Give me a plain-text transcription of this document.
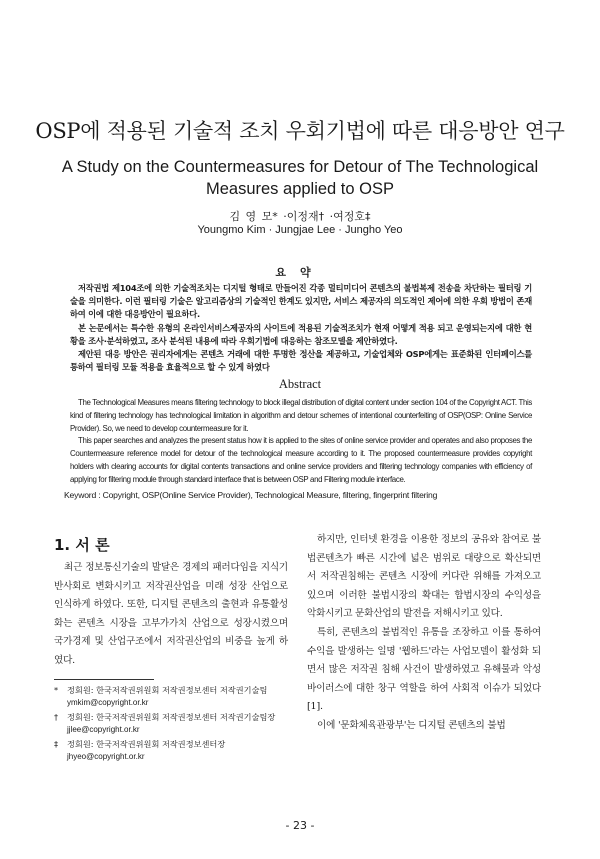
OSP에 적용된 기술적 조치 우회기법에 따른 대응방안 연구
A Study on the Countermeasures for Detour of The Technological
Measures applied to OSP
김 영 모* ·이정재† ·여정호‡
Youngmo Kim · Jungjae Lee · Jungho Yeo
요약

저작권법 제104조에 의한 기술적조치는 디지털 형태로 만들어진 각종 멀티미디어 콘텐츠의 불법복제 전송을 차단하는 필터링 기술을 의미한다. 이런 필터링 기술은 알고리즘상의 기술적인 한계도 있지만, 서비스 제공자의 의도적인 제어에 의한 우회 방법이 존재하여 이에 대한 대응방안이 필요하다.

본 논문에서는 특수한 유형의 온라인서비스제공자의 사이트에 적용된 기술적조치가 현재 어떻게 적용 되고 운영되는지에 대한 현황을 조사·분석하였고, 조사 분석된 내용에 따라 우회기법에 대응하는 참조모델을 제안하였다.

제안된 대응 방안은 권리자에게는 콘텐츠 거래에 대한 투명한 정산을 제공하고, 기술업체와 OSP에게는 표준화된 인터페이스를 통하여 필터링 모듈 적용을 효율적으로 할 수 있게 하였다

Abstract

The Technological Measures means filtering technology to block illegal distribution of digital content under section 104 of the Copyright ACT. This kind of filtering technology has technological limitation in algorithm and detour schemes of intentional counterfeiting of OSP(OSP: Online Service Provider). So, we need to develop countermeasure for it.

This paper searches and analyzes the present status how it is applied to the sites of online service provider and operates and also proposes the Countermeasure reference model for detour of the technological measure according to it. The proposed countermeasure provides copyright holders with clearing accounts for digital contents transactions and online service providers and filtering technology companies with efficiency of applying for filtering module through standard interface that is between OSP and Filtering module interface.

Keyword : Copyright, OSP(Online Service Provider), Technological Measure, filtering, fingerprint filtering
1. 서 론

최근 정보통신기술의 발달은 경제의 패러다임을 지식기반사회로 변화시키고 저작권산업을 미래 성장 산업으로 인식하게 하였다. 또한, 디지털 콘텐츠의 출현과 유통활성화는 콘텐츠 시장을 고부가가치 산업으로 성장시켰으며 국가경제 및 산업구조에서 저작권산업의 비중을 높게 하였다.

*	정회원: 한국저작권위원회 저작권정보센터 저작권기술팀
ymkim@copyright.or.kr
†	정회원: 한국저작권위원회 저작권정보센터 저작권기술팀장
jjlee@copyright.or.kr
‡	정회원: 한국저작권위원회 저작권정보센터장
jhyeo@copyright.or.kr

하지만, 인터넷 환경을 이용한 정보의 공유와 참여로 불법콘텐츠가 빠른 시간에 넓은 범위로 대량으로 확산되면서 저작권침해는 콘텐츠 시장에 커다란 위해를 가져오고 있으며 이러한 불법시장의 확대는 합법시장의 수익성을 악화시키고 문화산업의 발전을 저해시키고 있다.

특히, 콘텐츠의 불법적인 유통을 조장하고 이를 통하여 수익을 발생하는 일명 '웹하드'라는 사업모델이 활성화 되면서 많은 저작권 침해 사건이 발생하였고 유해물과 악성바이러스에 대한 창구 역할을 하여 사회적 이슈가 되었다[1].

이에 '문화체육관광부'는 디지털 콘텐츠의 불법

- 23 -
